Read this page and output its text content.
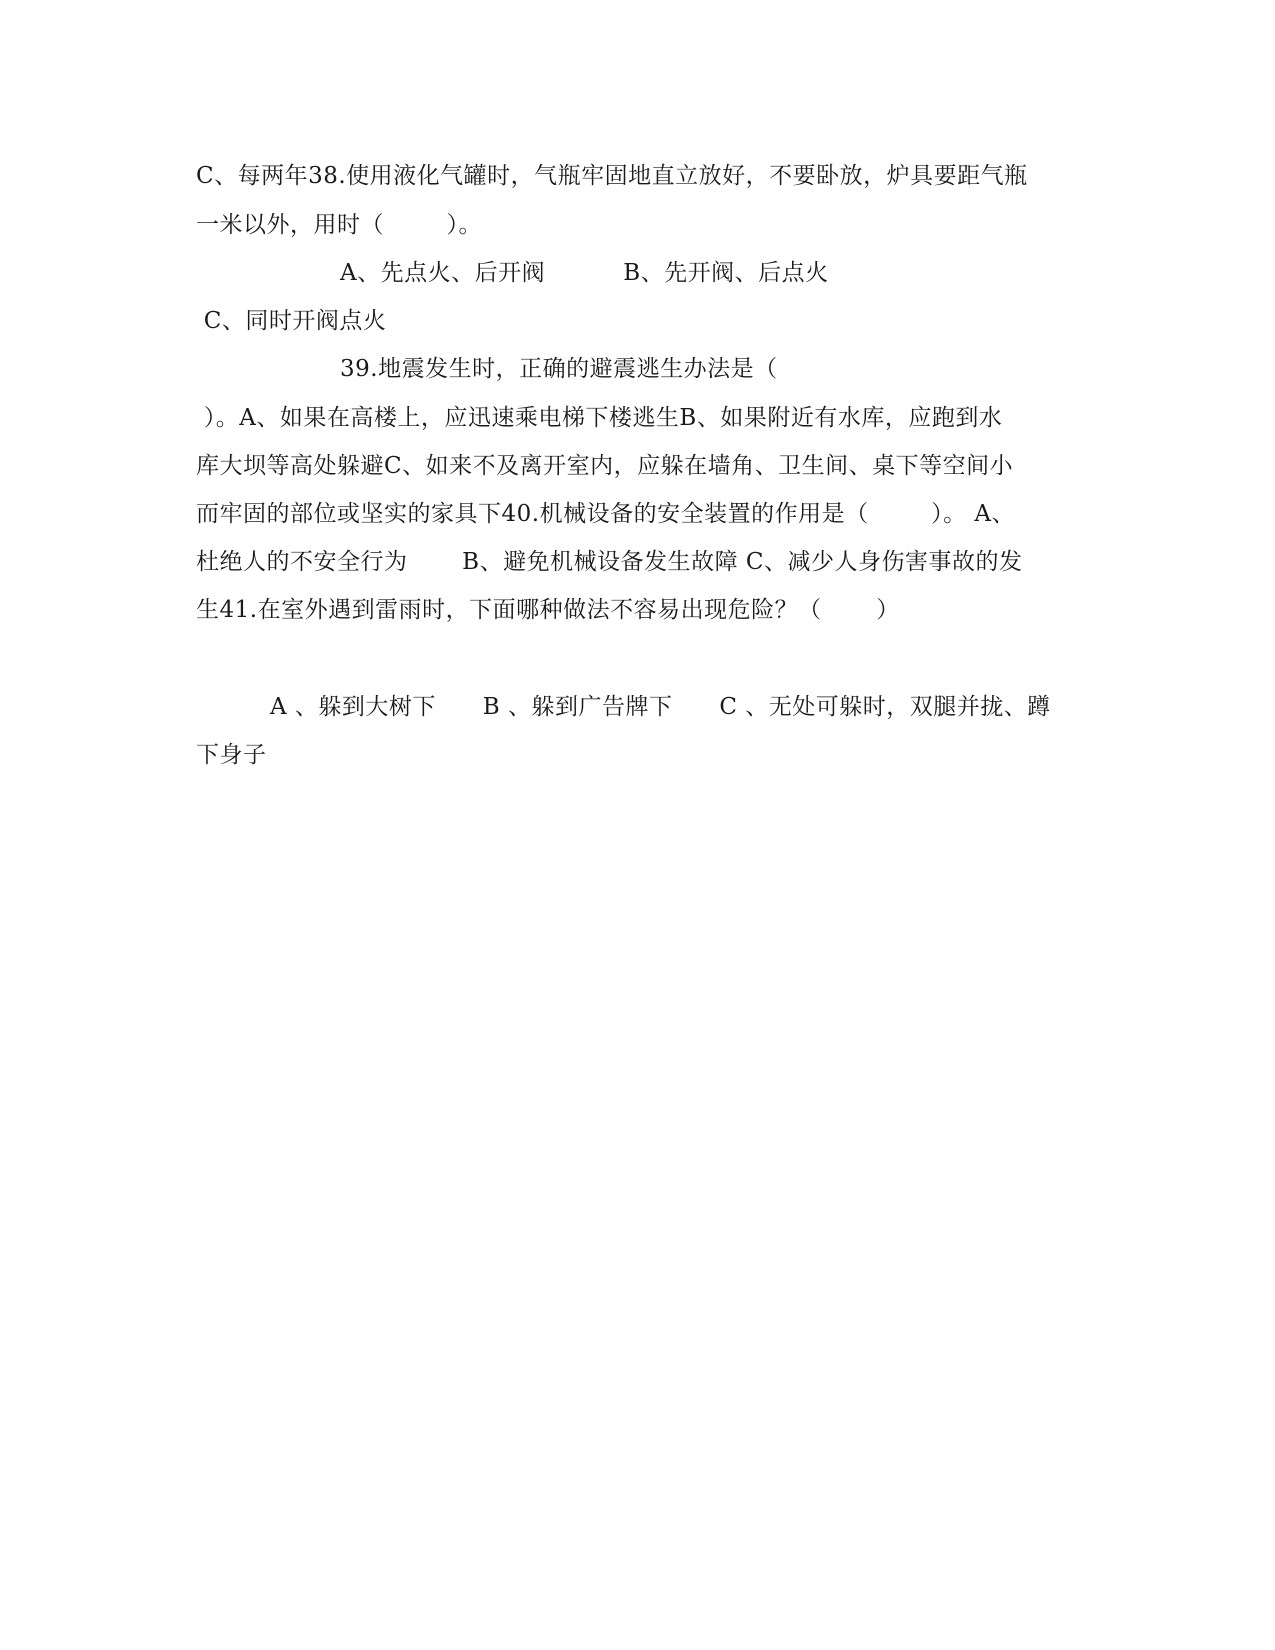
C、每两年38.使用液化气罐时，气瓶牢固地直立放好，不要卧放，炉具要距气瓶
一米以外，用时（        ）。
A、先点火、后开阀          B、先开阀、后点火
C、同时开阀点火
39.地震发生时，正确的避震逃生办法是（
）。A、如果在高楼上，应迅速乘电梯下楼逃生B、如果附近有水库，应跑到水
库大坝等高处躲避C、如来不及离开室内，应躲在墙角、卫生间、桌下等空间小
而牢固的部位或坚实的家具下40.机械设备的安全装置的作用是（        ）。 A、
杜绝人的不安全行为       B、避免机械设备发生故障 C、减少人身伤害事故的发
生41.在室外遇到雷雨时，下面哪种做法不容易出现危险？（       ）
A 、躲到大树下      B 、躲到广告牌下      C 、无处可躲时，双腿并拢、蹲
下身子
